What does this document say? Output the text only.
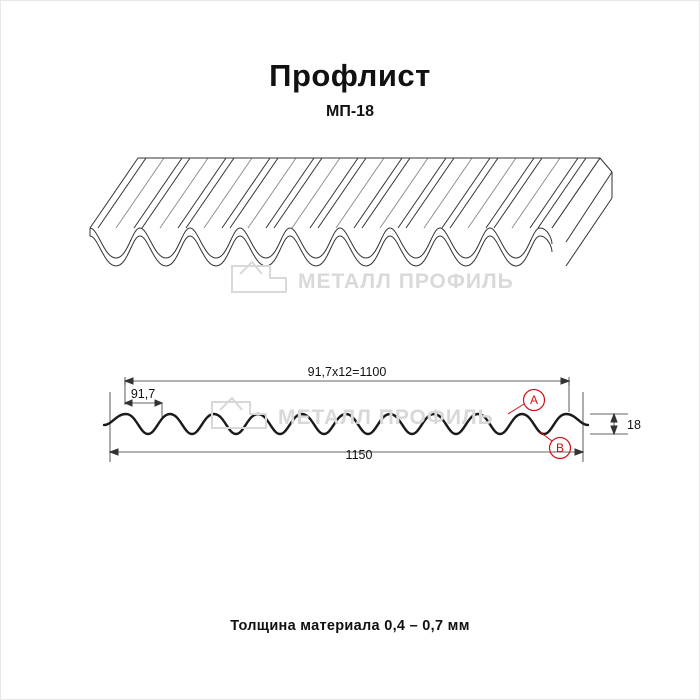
Профлист
МП-18
МЕТАЛЛ ПРОФИЛЬ
91,7x12=1100
91,7
1150
18
МЕТАЛЛ ПРОФИЛЬ
A
B
Толщина материала 0,4 – 0,7 мм
